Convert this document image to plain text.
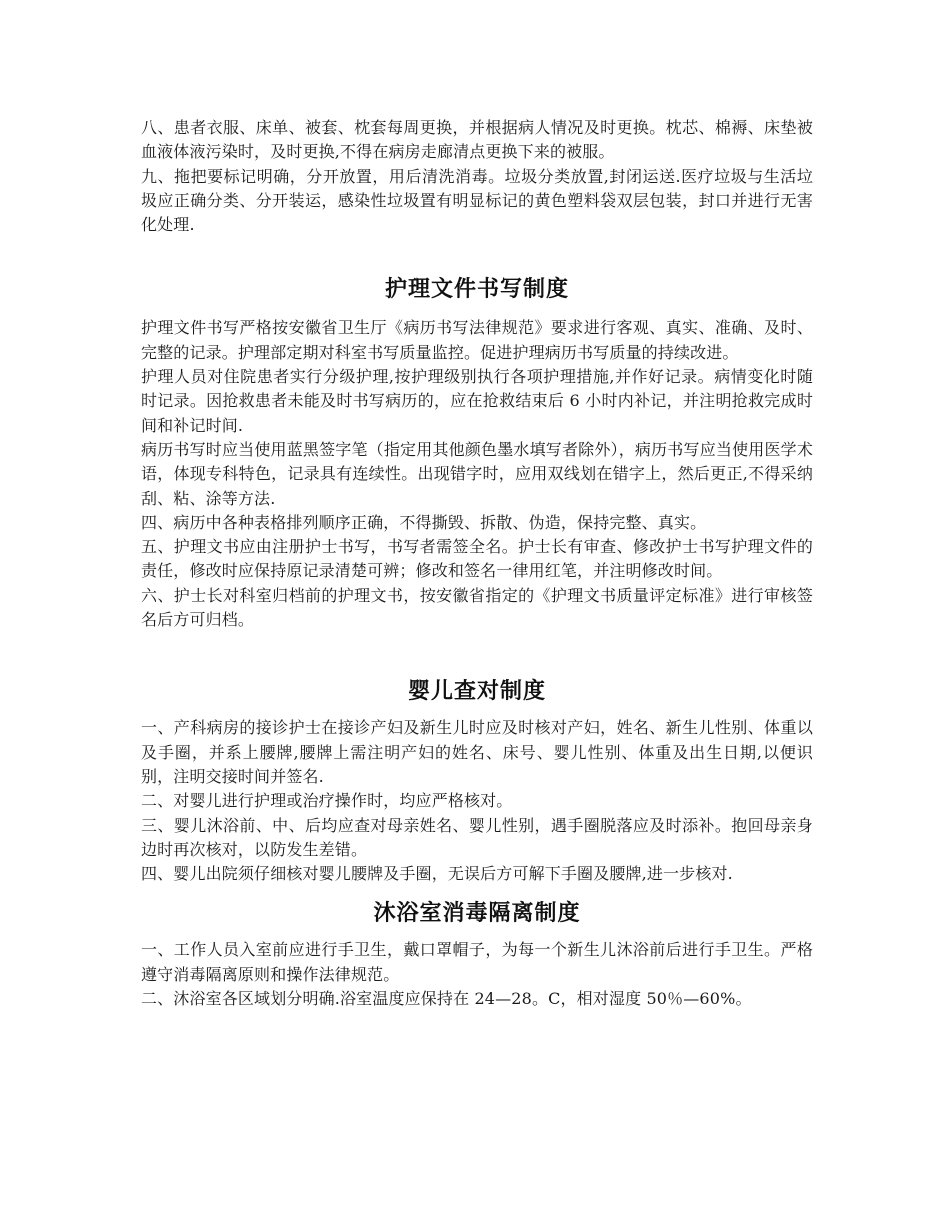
八、患者衣服、床单、被套、枕套每周更换，并根据病人情况及时更换。枕芯、棉褥、床垫被血液体液污染时，及时更换,不得在病房走廊清点更换下来的被服。

九、拖把要标记明确，分开放置，用后清洗消毒。垃圾分类放置,封闭运送.医疗垃圾与生活垃圾应正确分类、分开装运，感染性垃圾置有明显标记的黄色塑料袋双层包装，封口并进行无害化处理.

护理文件书写制度

护理文件书写严格按安徽省卫生厅《病历书写法律规范》要求进行客观、真实、准确、及时、完整的记录。护理部定期对科室书写质量监控。促进护理病历书写质量的持续改进。

护理人员对住院患者实行分级护理,按护理级别执行各项护理措施,并作好记录。病情变化时随时记录。因抢救患者未能及时书写病历的，应在抢救结束后 6 小时内补记，并注明抢救完成时间和补记时间.

病历书写时应当使用蓝黑签字笔（指定用其他颜色墨水填写者除外），病历书写应当使用医学术语，体现专科特色，记录具有连续性。出现错字时，应用双线划在错字上，然后更正,不得采纳刮、粘、涂等方法.

四、病历中各种表格排列顺序正确，不得撕毁、拆散、伪造，保持完整、真实。

五、护理文书应由注册护士书写，书写者需签全名。护士长有审查、修改护士书写护理文件的责任，修改时应保持原记录清楚可辨；修改和签名一律用红笔，并注明修改时间。

六、护士长对科室归档前的护理文书，按安徽省指定的《护理文书质量评定标准》进行审核签名后方可归档。

婴儿查对制度

一、产科病房的接诊护士在接诊产妇及新生儿时应及时核对产妇，姓名、新生儿性别、体重以及手圈，并系上腰牌,腰牌上需注明产妇的姓名、床号、婴儿性别、体重及出生日期,以便识别，注明交接时间并签名.

二、对婴儿进行护理或治疗操作时，均应严格核对。

三、婴儿沐浴前、中、后均应查对母亲姓名、婴儿性别，遇手圈脱落应及时添补。抱回母亲身边时再次核对，以防发生差错。

四、婴儿出院须仔细核对婴儿腰牌及手圈，无误后方可解下手圈及腰牌,进一步核对.

沐浴室消毒隔离制度

一、工作人员入室前应进行手卫生，戴口罩帽子，为每一个新生儿沐浴前后进行手卫生。严格遵守消毒隔离原则和操作法律规范。

二、沐浴室各区域划分明确.浴室温度应保持在 24—28。C，相对湿度 50％—60%。
